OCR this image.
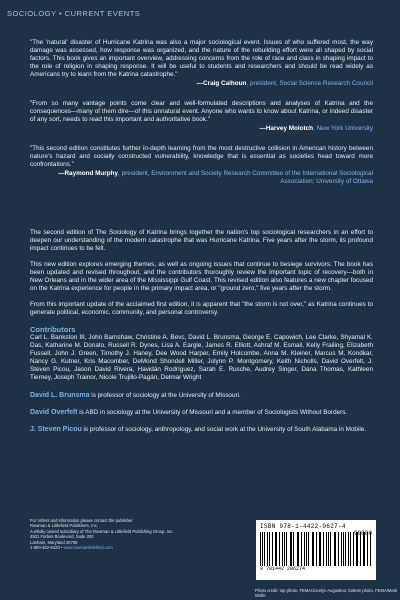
SOCIOLOGY • CURRENT EVENTS
"The 'natural' disaster of Hurricane Katrina was also a major sociological event. Issues of who suffered most, the way damage was assessed, how response was organized, and the nature of the rebuilding effort were all shaped by social factors. This book gives an important overview, addressing concerns from the role of race and class in shaping impact to the role of religion in shaping response. It will be useful to students and researchers and should be read widely as Americans try to learn from the Katrina catastrophe."
—Craig Calhoun, president, Social Science Research Council
"From so many vantage points come clear and well-formulated descriptions and analyses of Katrina and the consequences—many of them dire—of this unnatural event. Anyone who wants to know about Katrina, or indeed disaster of any sort, needs to read this important and authoritative book."
—Harvey Molotch, New York University
"This second edition constitutes further in-depth learning from the most destructive collision in American history between nature's hazard and socially constructed vulnerability, knowledge that is essential as societies head toward more confrontations."
—Raymond Murphy, president, Environment and Society Research Committee of the International Sociological Association; University of Ottawa

The second edition of The Sociology of Katrina brings together the nation's top sociological researchers in an effort to deepen our understanding of the modern catastrophe that was Hurricane Katrina. Five years after the storm, its profound impact continues to be felt.

This new edition explores emerging themes, as well as ongoing issues that continue to besiege survivors. The book has been updated and revised throughout, and the contributors thoroughly review the important topic of recovery—both in New Orleans and in the wider area of the Mississippi Gulf Coast. This revised edition also features a new chapter focused on the Katrina experience for people in the primary impact area, or "ground zero," five years after the storm.

From this important update of the acclaimed first edition, it is apparent that "the storm is not over," as Katrina continues to generate political, economic, community, and personal controversy.

Contributors

Carl L. Bankston III, John Barnshaw, Christine A. Bevc, David L. Brunsma, George E. Capowich, Lee Clarke, Shyamal K. Das, Katharine M. Donato, Russell R. Dynes, Lisa A. Eargle, James R. Elliott, Ashraf M. Esmail, Kelly Frailing, Elizabeth Fussell, John J. Green, Timothy J. Haney, Dee Wood Harper, Emily Holcombe, Anna M. Kleiner, Marcus M. Kondkar, Nancy G. Kutner, Kris Macomber, DeMond Shondell Miller, Jolynn P. Montgomery, Keith Nicholls, David Overfelt, J. Steven Picou, Jason David Rivera, Havidán Rodríguez, Sarah E. Rusche, Audrey Singer, Dana Thomas, Kathleen Tierney, Joseph Trainor, Nicole Trujillo-Pagán, Delmar Wright

David L. Brunsma is professor of sociology at the University of Missouri.

David Overfelt is ABD in sociology at the University of Missouri and a member of Sociologists Without Borders.

J. Steven Picou is professor of sociology, anthropology, and social work at the University of South Alabama in Mobile.

For orders and information please contact the publisher
Rowman & Littlefield Publishers, Inc.
A wholly owned subsidiary of The Rowman & Littlefield Publishing Group, Inc.
4501 Forbes Boulevard, Suite 200
Lanham, Maryland 20706
1-800-462-6420 • www.rowmanlittlefield.com
ISBN 978-1-4422-0627-4
90000
9 781442 206274
Photo credit: top photo, FEMA/Jocelyn Augustino; bottom photo, FEMA/Mark Wolfe
